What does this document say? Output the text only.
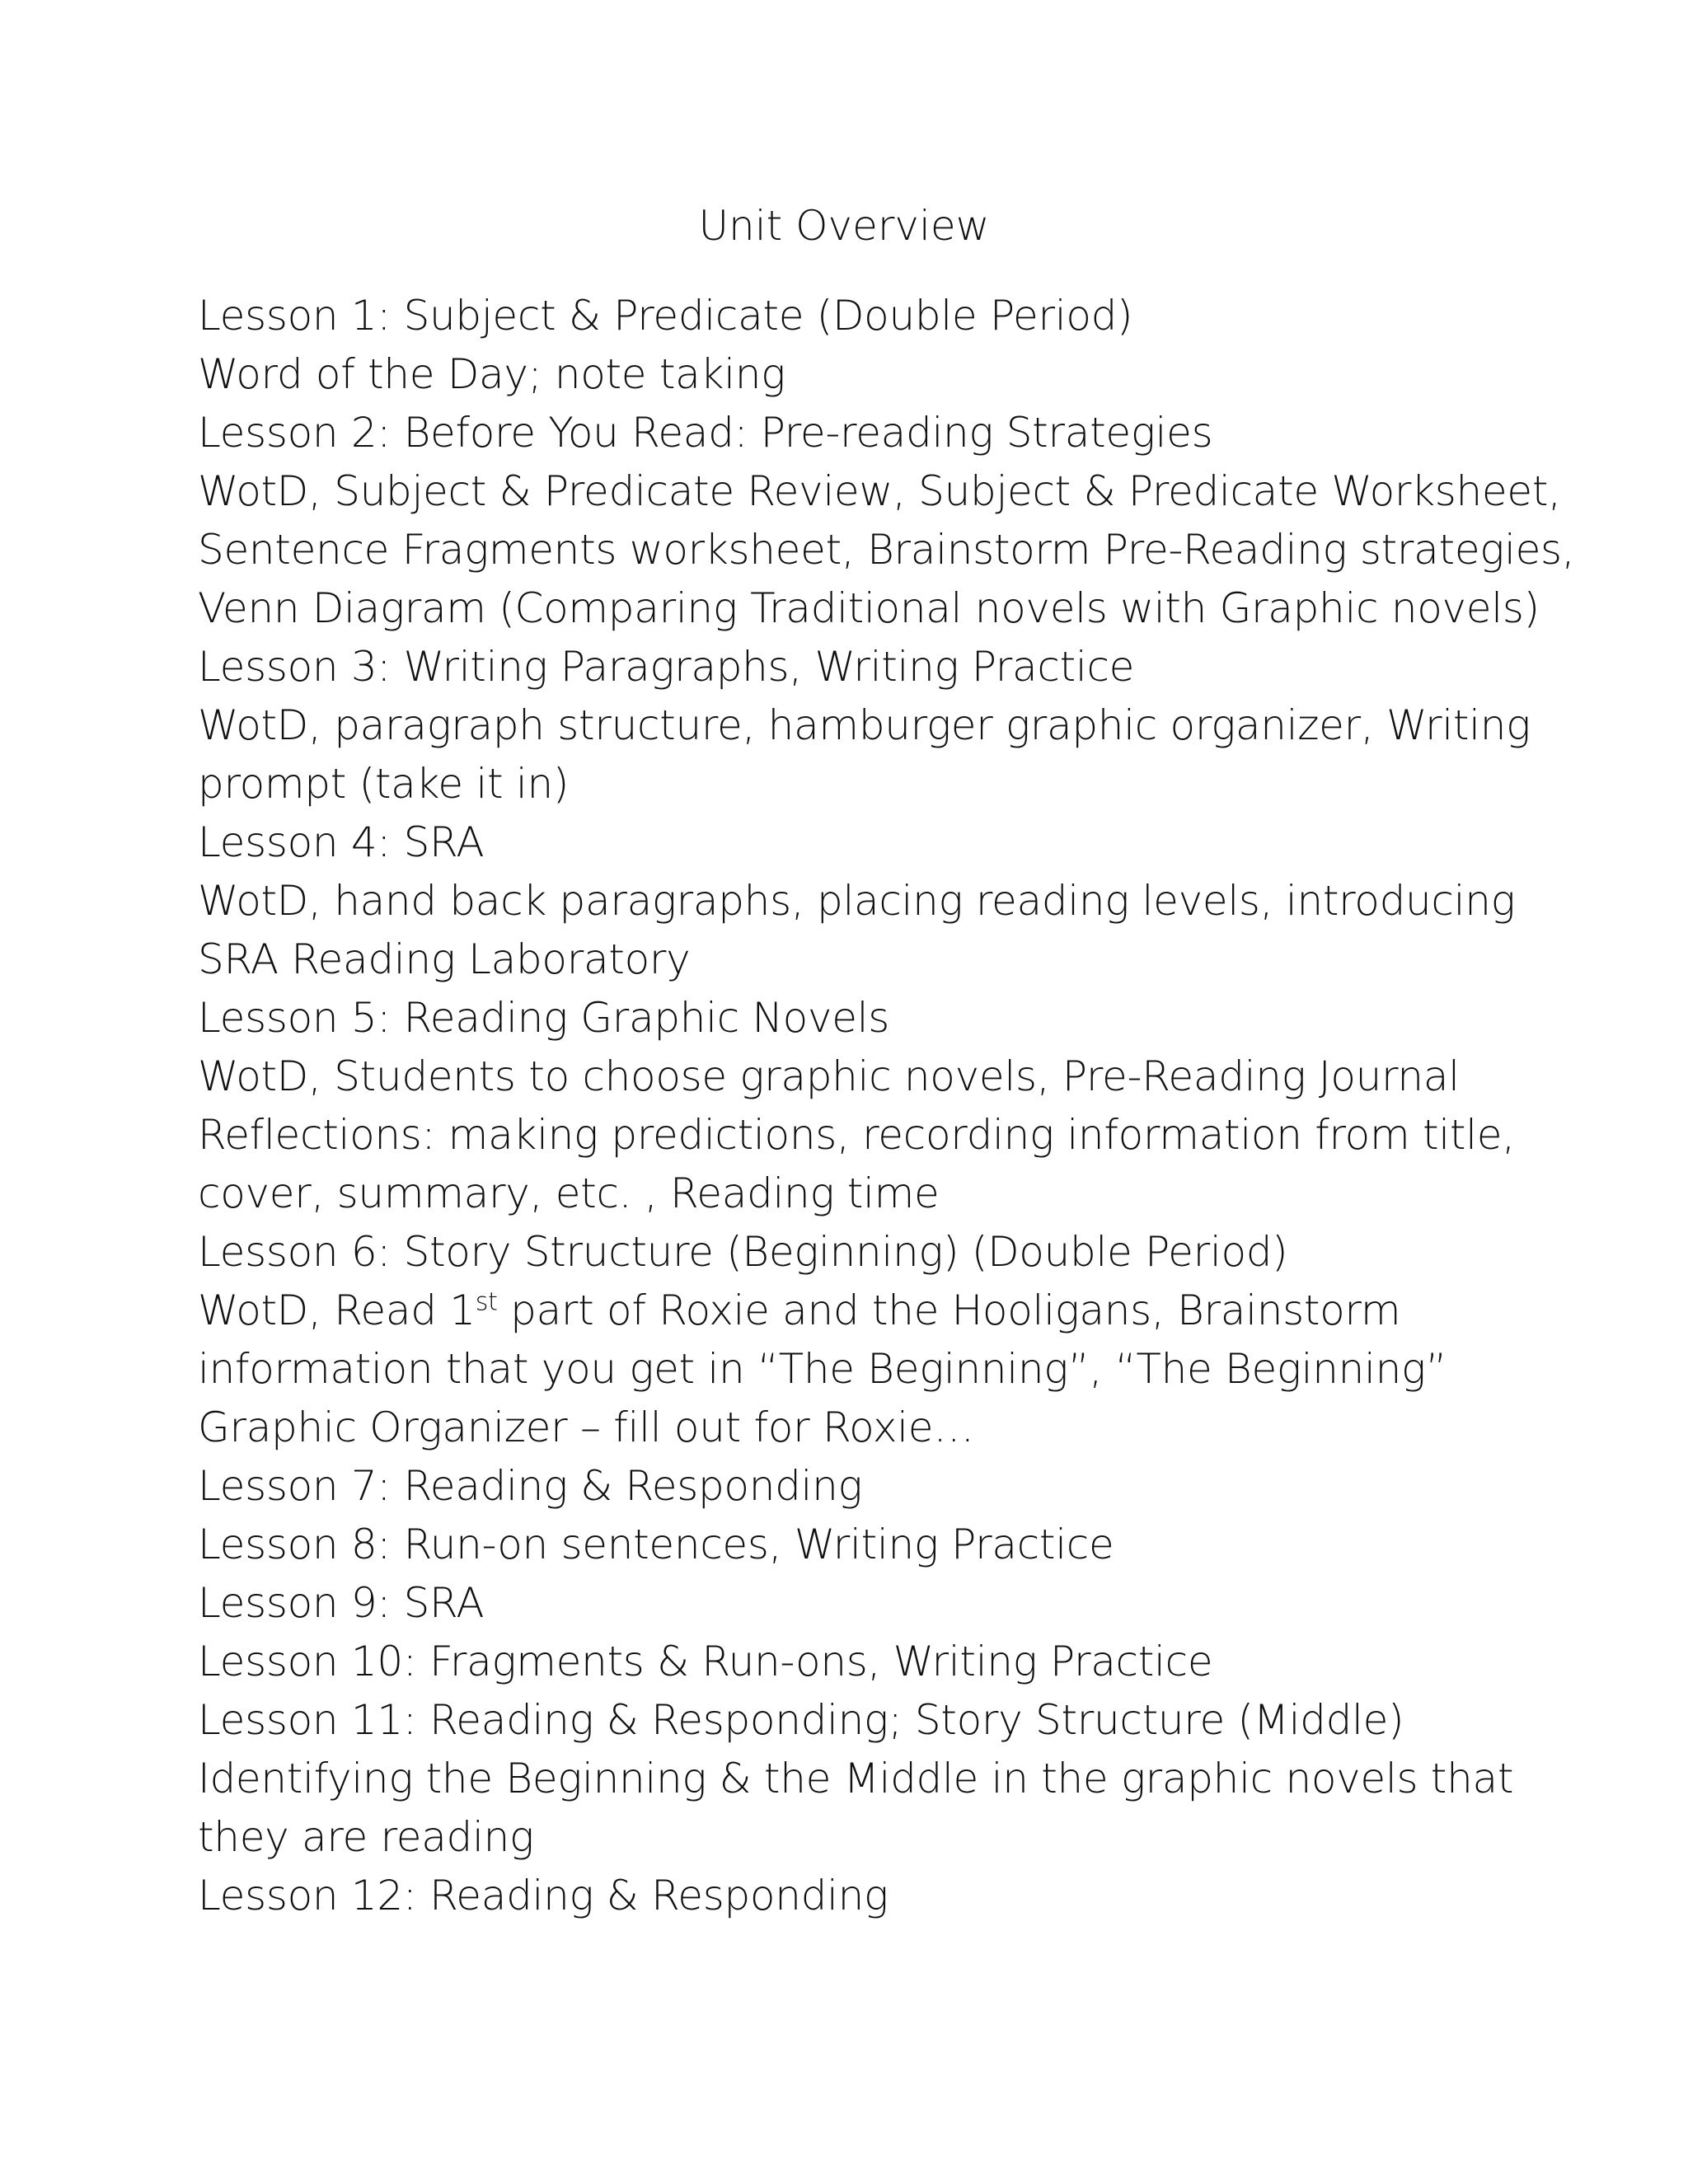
Unit Overview
Lesson 1: Subject & Predicate (Double Period)
Word of the Day; note taking
Lesson 2: Before You Read: Pre-reading Strategies
WotD, Subject & Predicate Review, Subject & Predicate Worksheet,
Sentence Fragments worksheet, Brainstorm Pre-Reading strategies,
Venn Diagram (Comparing Traditional novels with Graphic novels)
Lesson 3: Writing Paragraphs, Writing Practice
WotD, paragraph structure, hamburger graphic organizer, Writing
prompt (take it in)
Lesson 4: SRA
WotD, hand back paragraphs, placing reading levels, introducing
SRA Reading Laboratory
Lesson 5: Reading Graphic Novels
WotD, Students to choose graphic novels, Pre-Reading Journal
Reflections: making predictions, recording information from title,
cover, summary, etc. , Reading time
Lesson 6: Story Structure (Beginning) (Double Period)
WotD, Read 1st part of Roxie and the Hooligans, Brainstorm
information that you get in “The Beginning”, “The Beginning”
Graphic Organizer – fill out for Roxie…
Lesson 7: Reading & Responding
Lesson 8: Run-on sentences, Writing Practice
Lesson 9: SRA
Lesson 10: Fragments & Run-ons, Writing Practice
Lesson 11: Reading & Responding; Story Structure (Middle)
Identifying the Beginning & the Middle in the graphic novels that
they are reading
Lesson 12: Reading & Responding
